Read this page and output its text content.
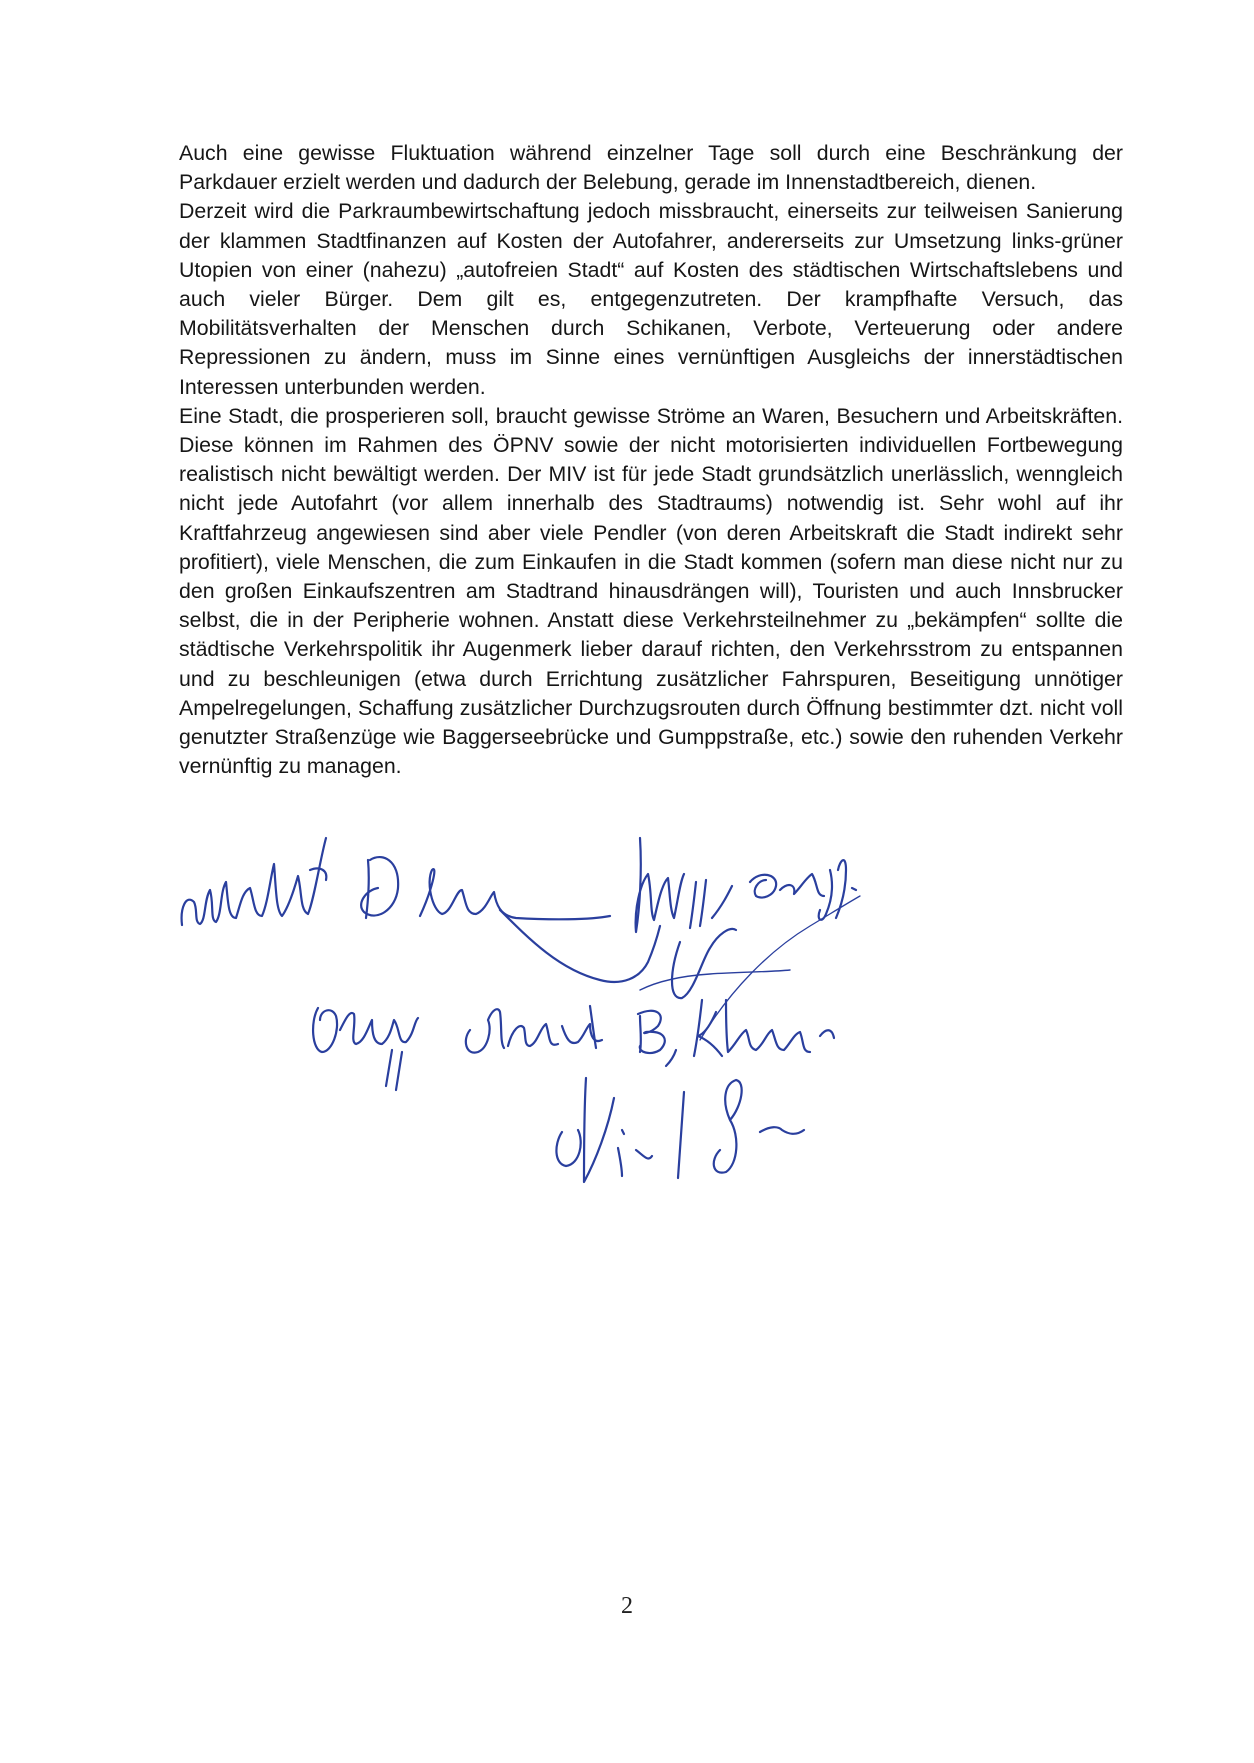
Auch eine gewisse Fluktuation während einzelner Tage soll durch eine Beschränkung der Parkdauer erzielt werden und dadurch der Belebung, gerade im Innenstadtbereich, dienen.

Derzeit wird die Parkraumbewirtschaftung jedoch missbraucht, einerseits zur teilweisen Sanierung der klammen Stadtfinanzen auf Kosten der Autofahrer, andererseits zur Umsetzung links-grüner Utopien von einer (nahezu) „autofreien Stadt“ auf Kosten des städtischen Wirtschaftslebens und auch vieler Bürger. Dem gilt es, entgegenzutreten. Der krampfhafte Versuch, das Mobilitätsverhalten der Menschen durch Schikanen, Verbote, Verteuerung oder andere Repressionen zu ändern, muss im Sinne eines vernünftigen Ausgleichs der innerstädtischen Interessen unterbunden werden.

Eine Stadt, die prosperieren soll, braucht gewisse Ströme an Waren, Besuchern und Arbeitskräften. Diese können im Rahmen des ÖPNV sowie der nicht motorisierten individuellen Fortbewegung realistisch nicht bewältigt werden. Der MIV ist für jede Stadt grundsätzlich unerlässlich, wenngleich nicht jede Autofahrt (vor allem innerhalb des Stadtraums) notwendig ist. Sehr wohl auf ihr Kraftfahrzeug angewiesen sind aber viele Pendler (von deren Arbeitskraft die Stadt indirekt sehr profitiert), viele Menschen, die zum Einkaufen in die Stadt kommen (sofern man diese nicht nur zu den großen Einkaufszentren am Stadtrand hinausdrängen will), Touristen und auch Innsbrucker selbst, die in der Peripherie wohnen. Anstatt diese Verkehrsteilnehmer zu „bekämpfen“ sollte die städtische Verkehrspolitik ihr Augenmerk lieber darauf richten, den Verkehrsstrom zu entspannen und zu beschleunigen (etwa durch Errichtung zusätzlicher Fahrspuren, Beseitigung unnötiger Ampelregelungen, Schaffung zusätzlicher Durchzugsrouten durch Öffnung bestimmter dzt. nicht voll genutzter Straßenzüge wie Baggerseebrücke und Gumppstraße, etc.) sowie den ruhenden Verkehr vernünftig zu managen.

2
